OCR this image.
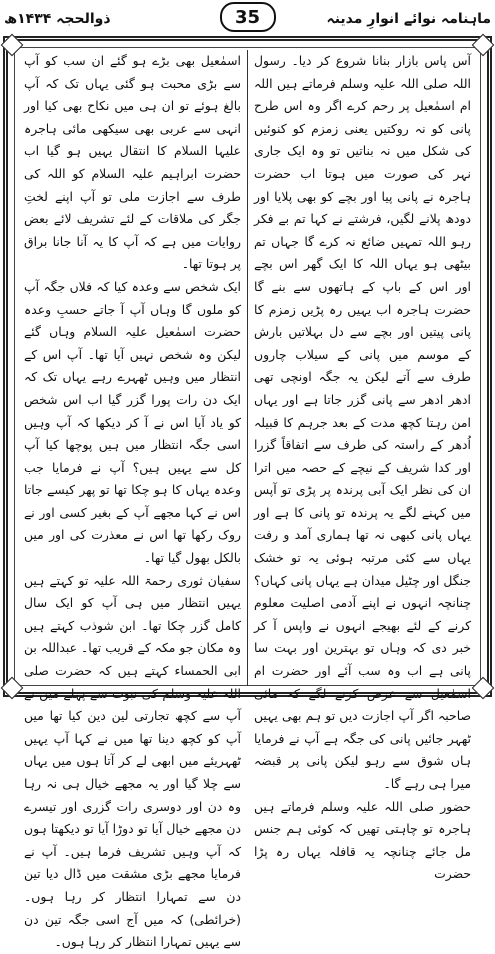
ذوالحجہ ۱۴۳۴ھ	ماہنامہ نوائے انوارِ مدینہ
35

آس پاس بازار بنانا شروع کر دیا۔ رسول اللہ صلی اللہ علیہ وسلم فرماتے ہیں اللہ ام اسمٰعیل پر رحم کرے اگر وہ اس طرح پانی کو نہ روکتیں یعنی زمزم کو کنوئیں کی شکل میں نہ بناتیں تو وہ ایک جاری نہر کی صورت میں ہوتا اب حضرت ہاجرہ نے پانی پیا اور بچے کو بھی پلایا اور دودھ پلانے لگیں، فرشتے نے کہا تم بے فکر رہو اللہ تمہیں ضائع نہ کرے گا جہاں تم بیٹھی ہو یہاں اللہ کا ایک گھر اس بچے اور اس کے باپ کے ہاتھوں سے بنے گا حضرت ہاجرہ اب یہیں رہ پڑیں زمزم کا پانی پیتیں اور بچے سے دل بہلاتیں بارش کے موسم میں پانی کے سیلاب چاروں طرف سے آتے لیکن یہ جگہ اونچی تھی ادھر ادھر سے پانی گزر جاتا ہے اور یہاں امن رہتا کچھ مدت کے بعد جرہم کا قبیلہ اُدھر کے راستہ کی طرف سے اتفاقاً گزرا اور کدا شریف کے نیچے کے حصہ میں اترا ان کی نظر ایک آبی پرندہ پر پڑی تو آپس میں کہنے لگے یہ پرندہ تو پانی کا ہے اور یہاں پانی کبھی نہ تھا ہماری آمد و رفت یہاں سے کئی مرتبہ ہوئی یہ تو خشک جنگل اور چٹیل میدان ہے یہاں پانی کہاں؟ چنانچہ انہوں نے اپنے آدمی اصلیت معلوم کرنے کے لئے بھیجے انہوں نے واپس آ کر خبر دی کہ وہاں تو بہترین اور بہت سا پانی ہے اب وہ سب آئے اور حضرت ام اسمٰعیل سے عرض کرنے لگے کہ مائی صاحبہ اگر آپ اجازت دیں تو ہم بھی یہیں ٹھہر جائیں پانی کی جگہ ہے آپ نے فرمایا ہاں شوق سے رہو لیکن پانی پر قبضہ میرا ہی رہے گا۔

حضور صلی اللہ علیہ وسلم فرماتے ہیں ہاجرہ تو چاہتی تھیں کہ کوئی ہم جنس مل جائے چنانچہ یہ قافلہ یہاں رہ پڑا حضرت

اسمٰعیل بھی بڑے ہو گئے ان سب کو آپ سے بڑی محبت ہو گئی یہاں تک کہ آپ بالغ ہوئے تو ان ہی میں نکاح بھی کیا اور انہی سے عربی بھی سیکھی مائی ہاجرہ علیہا السلام کا انتقال یہیں ہو گیا اب حضرت ابراہیم علیہ السلام کو اللہ کی طرف سے اجازت ملی تو آپ اپنے لختِ جگر کی ملاقات کے لئے تشریف لائے بعض روایات میں ہے کہ آپ کا یہ آنا جانا براق پر ہوتا تھا۔

ایک شخص سے وعدہ کیا کہ فلاں جگہ آپ کو ملوں گا وہاں آپ آ جاتے حسبِ وعدہ حضرت اسمٰعیل علیہ السلام وہاں گئے لیکن وہ شخص نہیں آیا تھا۔ آپ اس کے انتظار میں وہیں ٹھہرے رہے یہاں تک کہ ایک دن رات پورا گزر گیا اب اس شخص کو یاد آیا اس نے آ کر دیکھا کہ آپ وہیں اسی جگہ انتظار میں ہیں پوچھا کیا آپ کل سے یہیں ہیں؟ آپ نے فرمایا جب وعدہ یہاں کا ہو چکا تھا تو پھر کیسے جاتا اس نے کہا مجھے آپ کے بغیر کسی اور نے روک رکھا تھا اس نے معذرت کی اور میں بالکل بھول گیا تھا۔

سفیان ثوری رحمۃ اللہ علیہ تو کہتے ہیں یہیں انتظار میں ہی آپ کو ایک سال کامل گزر چکا تھا۔ ابن شوذب کہتے ہیں وہ مکان جو مکہ کے قریب تھا۔ عبداللہ بن ابی الحمساء کہتے ہیں کہ حضرت صلی اللہ علیہ وسلم کی نبوت سے پہلے میں نے آپ سے کچھ تجارتی لین دین کیا تھا میں آپ کو کچھ دینا تھا میں نے کہا آپ یہیں ٹھہریئے میں ابھی لے کر آتا ہوں میں یہاں سے چلا گیا اور یہ مجھے خیال ہی نہ رہا وہ دن اور دوسری رات گزری اور تیسرے دن مجھے خیال آیا تو دوڑا آیا تو دیکھتا ہوں کہ آپ وہیں تشریف فرما ہیں۔ آپ نے فرمایا مجھے بڑی مشقت میں ڈال دیا تین دن سے تمہارا انتظار کر رہا ہوں۔ (خرائطی) کہ میں آج اسی جگہ تین دن سے یہیں تمہارا انتظار کر رہا ہوں۔
